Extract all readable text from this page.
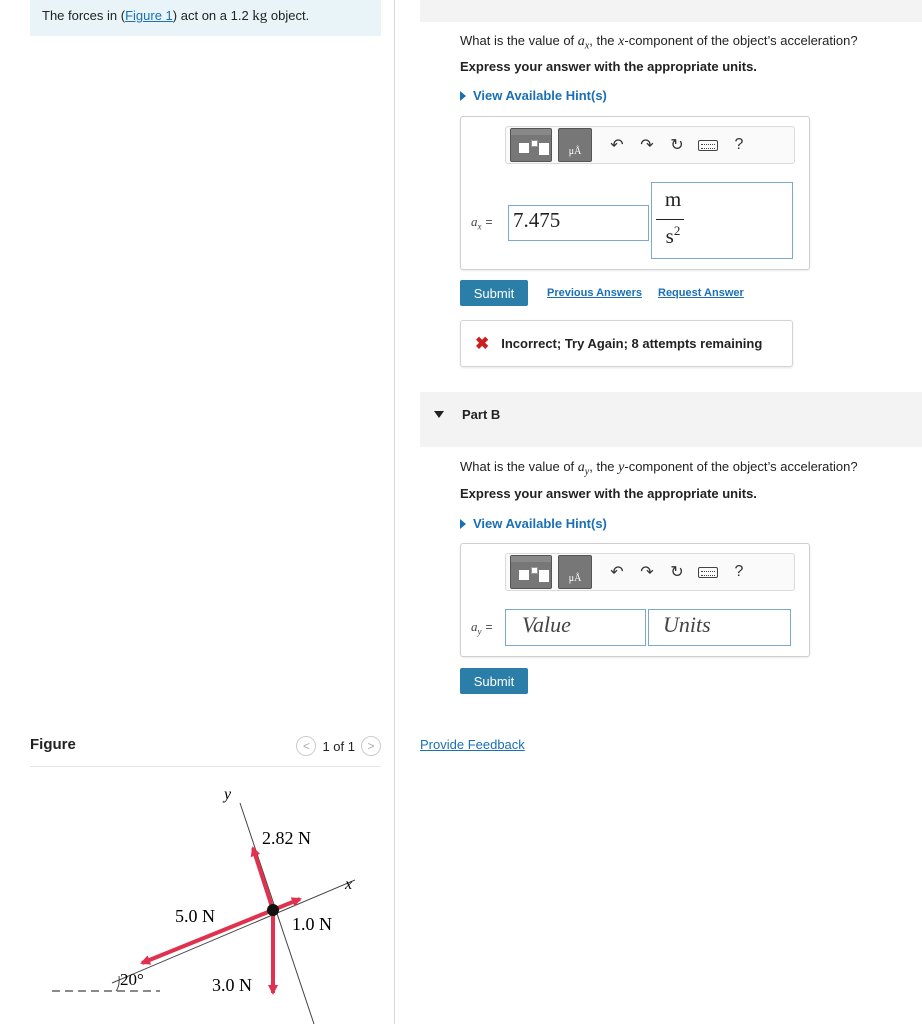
The forces in (Figure 1) act on a 1.2 kg object.
Figure	< 1 of 1	>
y
x
2.82 N
5.0 N	1.0 N
3.0 N
20°
What is the value of $a_x$, the x-component of the object’s acceleration?
Express your answer with the appropriate units.
View Available Hint(s)
μÅ	↶	↷	↻	?
$a_x = 7.475$
m
$s^2$
Submit	Previous Answers Request Answer
✖ Incorrect; Try Again; 8 attempts remaining
Part B
What is the value of $a_y$, the y-component of the object’s acceleration?
Express your answer with the appropriate units.
View Available Hint(s)
μÅ	↶	↷	↻	?
$a_y$ =	Value	Units
Submit
Provide Feedback
